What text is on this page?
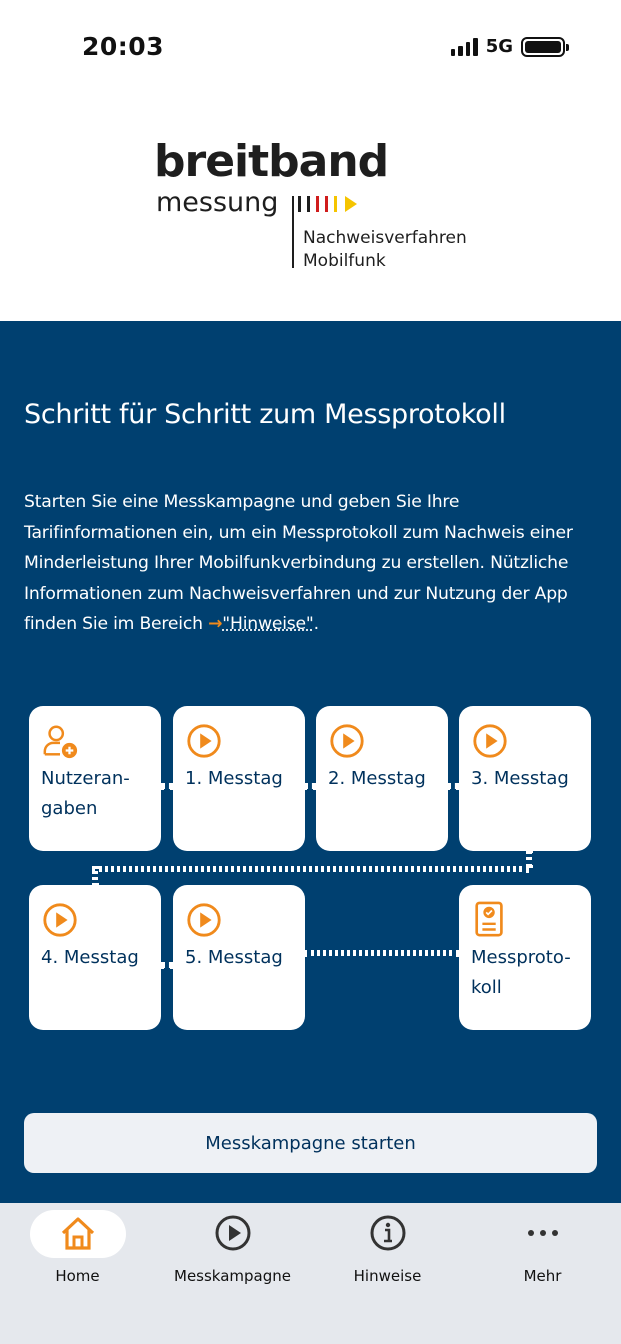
20:03	5G
breitband
messung
Nachweisverfahren
Mobilfunk
Schritt für Schritt zum Messprotokoll
Starten Sie eine Messkampagne und geben Sie Ihre Tarifinformationen ein, um ein Messprotokoll zum Nachweis einer Minderleistung Ihrer Mobilfunkverbindung zu erstellen. Nützliche Informationen zum Nachweisverfahren und zur Nutzung der App finden Sie im Bereich →"Hinweise".
Nutzeran-
gaben
1. Messtag	2. Messtag	3. Messtag
4. Messtag	5. Messtag	Messproto-
koll
Messkampagne starten
Home	Messkampagne	Hinweise	Mehr
